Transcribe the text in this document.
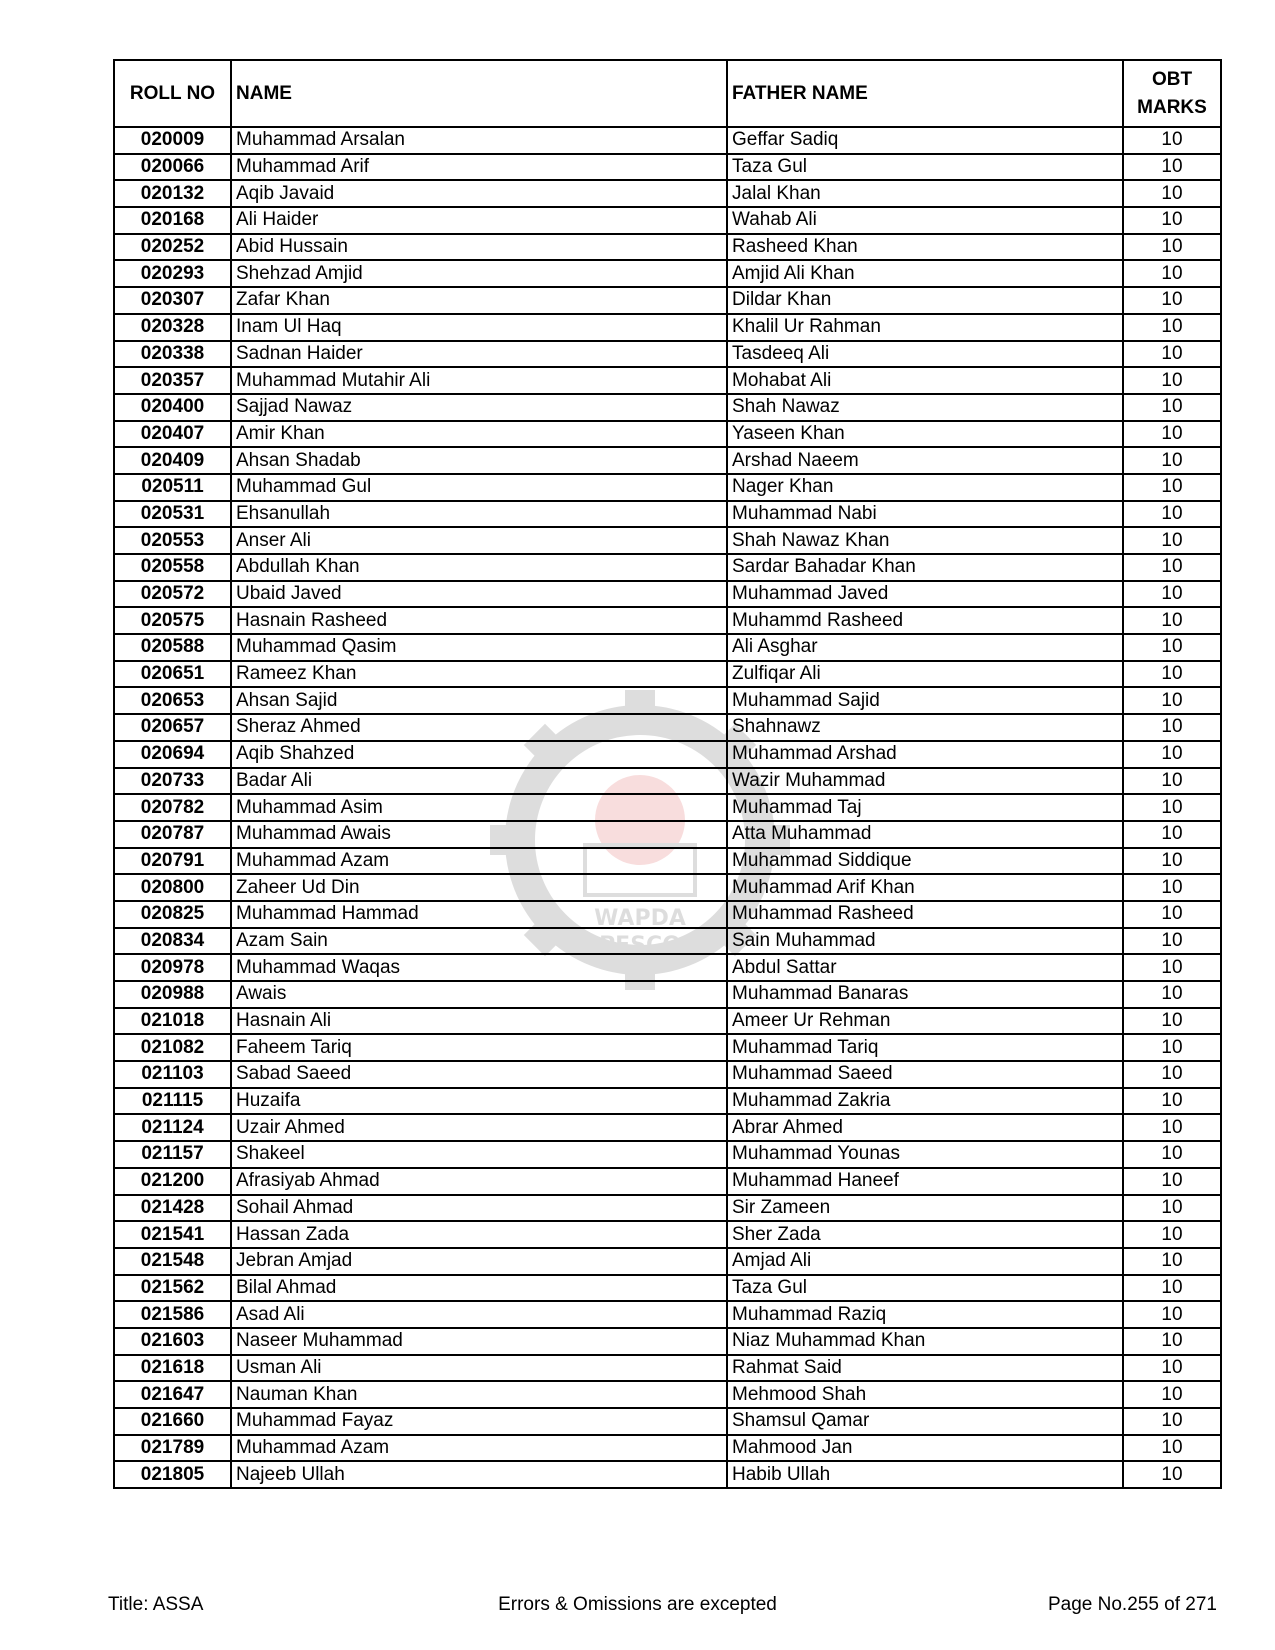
WAPDA
PESCO
ROLL NO	NAME	FATHER NAME	OBT
MARKS
020009	Muhammad Arsalan	Geffar Sadiq	10
020066	Muhammad Arif	Taza Gul	10
020132	Aqib Javaid	Jalal Khan	10
020168	Ali Haider	Wahab Ali	10
020252	Abid Hussain	Rasheed Khan	10
020293	Shehzad Amjid	Amjid Ali Khan	10
020307	Zafar Khan	Dildar Khan	10
020328	Inam Ul Haq	Khalil Ur Rahman	10
020338	Sadnan Haider	Tasdeeq Ali	10
020357	Muhammad Mutahir Ali	Mohabat Ali	10
020400	Sajjad Nawaz	Shah Nawaz	10
020407	Amir Khan	Yaseen Khan	10
020409	Ahsan Shadab	Arshad Naeem	10
020511	Muhammad Gul	Nager Khan	10
020531	Ehsanullah	Muhammad Nabi	10
020553	Anser Ali	Shah Nawaz Khan	10
020558	Abdullah Khan	Sardar Bahadar Khan	10
020572	Ubaid Javed	Muhammad Javed	10
020575	Hasnain Rasheed	Muhammd Rasheed	10
020588	Muhammad Qasim	Ali Asghar	10
020651	Rameez Khan	Zulfiqar Ali	10
020653	Ahsan Sajid	Muhammad Sajid	10
020657	Sheraz Ahmed	Shahnawz	10
020694	Aqib Shahzed	Muhammad Arshad	10
020733	Badar Ali	Wazir Muhammad	10
020782	Muhammad Asim	Muhammad Taj	10
020787	Muhammad Awais	Atta Muhammad	10
020791	Muhammad Azam	Muhammad Siddique	10
020800	Zaheer Ud Din	Muhammad Arif Khan	10
020825	Muhammad Hammad	Muhammad Rasheed	10
020834	Azam Sain	Sain Muhammad	10
020978	Muhammad Waqas	Abdul Sattar	10
020988	Awais	Muhammad Banaras	10
021018	Hasnain Ali	Ameer Ur Rehman	10
021082	Faheem Tariq	Muhammad Tariq	10
021103	Sabad Saeed	Muhammad Saeed	10
021115	Huzaifa	Muhammad Zakria	10
021124	Uzair Ahmed	Abrar Ahmed	10
021157	Shakeel	Muhammad Younas	10
021200	Afrasiyab Ahmad	Muhammad Haneef	10
021428	Sohail Ahmad	Sir Zameen	10
021541	Hassan Zada	Sher Zada	10
021548	Jebran Amjad	Amjad Ali	10
021562	Bilal Ahmad	Taza Gul	10
021586	Asad Ali	Muhammad Raziq	10
021603	Naseer Muhammad	Niaz Muhammad Khan	10
021618	Usman Ali	Rahmat Said	10
021647	Nauman Khan	Mehmood Shah	10
021660	Muhammad Fayaz	Shamsul Qamar	10
021789	Muhammad Azam	Mahmood Jan	10
021805	Najeeb Ullah	Habib Ullah	10
Errors & Omissions are excepted
Title: ASSA	Page No.255 of 271
